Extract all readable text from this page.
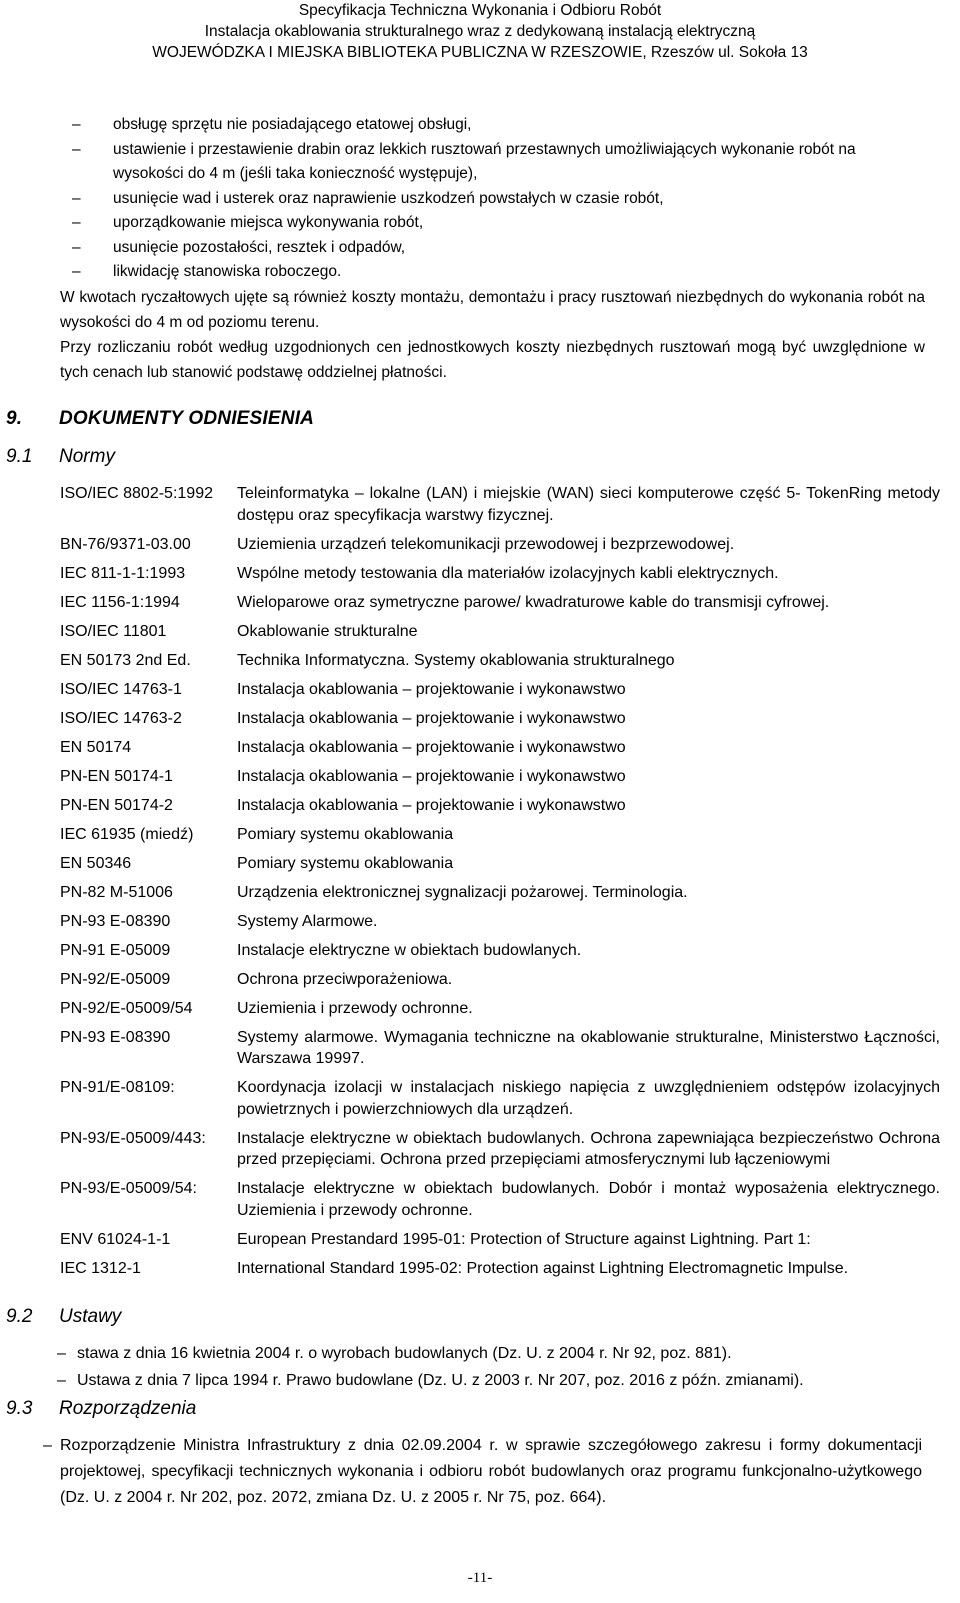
Specyfikacja Techniczna Wykonania i Odbioru Robót
Instalacja okablowania strukturalnego wraz z dedykowaną instalacją elektryczną
WOJEWÓDZKA I MIEJSKA BIBLIOTEKA PUBLICZNA W RZESZOWIE, Rzeszów ul. Sokoła 13

– obsługę sprzętu nie posiadającego etatowej obsługi,

– ustawienie i przestawienie drabin oraz lekkich rusztowań przestawnych umożliwiających wykonanie robót na wysokości do 4 m (jeśli taka konieczność występuje),

– usunięcie wad i usterek oraz naprawienie uszkodzeń powstałych w czasie robót,

– uporządkowanie miejsca wykonywania robót,

– usunięcie pozostałości, resztek i odpadów,

– likwidację stanowiska roboczego.

W kwotach ryczałtowych ujęte są również koszty montażu, demontażu i pracy rusztowań niezbędnych do wykonania robót na wysokości do 4 m od poziomu terenu.

Przy rozliczaniu robót według uzgodnionych cen jednostkowych koszty niezbędnych rusztowań mogą być uwzględnione w tych cenach lub stanowić podstawę oddzielnej płatności.

9. DOKUMENTY ODNIESIENIA
9.1 Normy
ISO/IEC 8802-5:1992	Teleinformatyka – lokalne (LAN) i miejskie (WAN) sieci komputerowe część 5- TokenRing metody dostępu oraz specyfikacja warstwy fizycznej.
BN-76/9371-03.00	Uziemienia urządzeń telekomunikacji przewodowej i bezprzewodowej.
IEC 811-1-1:1993	Wspólne metody testowania dla materiałów izolacyjnych kabli elektrycznych.
IEC 1156-1:1994	Wieloparowe oraz symetryczne parowe/ kwadraturowe kable do transmisji cyfrowej.
ISO/IEC 11801	Okablowanie strukturalne
EN 50173 2nd Ed.	Technika Informatyczna. Systemy okablowania strukturalnego
ISO/IEC 14763-1	Instalacja okablowania – projektowanie i wykonawstwo
ISO/IEC 14763-2	Instalacja okablowania – projektowanie i wykonawstwo
EN 50174	Instalacja okablowania – projektowanie i wykonawstwo
PN-EN 50174-1	Instalacja okablowania – projektowanie i wykonawstwo
PN-EN 50174-2	Instalacja okablowania – projektowanie i wykonawstwo
IEC 61935 (miedź)	Pomiary systemu okablowania
EN 50346	Pomiary systemu okablowania
PN-82 M-51006	Urządzenia elektronicznej sygnalizacji pożarowej. Terminologia.
PN-93 E-08390	Systemy Alarmowe.
PN-91 E-05009	Instalacje elektryczne w obiektach budowlanych.
PN-92/E-05009	Ochrona przeciwporażeniowa.
PN-92/E-05009/54	Uziemienia i przewody ochronne.
PN-93 E-08390	Systemy alarmowe. Wymagania techniczne na okablowanie strukturalne, Ministerstwo Łączności, Warszawa 19997.
PN-91/E-08109:	Koordynacja izolacji w instalacjach niskiego napięcia z uwzględnieniem odstępów izolacyjnych powietrznych i powierzchniowych dla urządzeń.
PN-93/E-05009/443:	Instalacje elektryczne w obiektach budowlanych. Ochrona zapewniająca bezpieczeństwo Ochrona przed przepięciami. Ochrona przed przepięciami atmosferycznymi lub łączeniowymi
PN-93/E-05009/54:	Instalacje elektryczne w obiektach budowlanych. Dobór i montaż wyposażenia elektrycznego. Uziemienia i przewody ochronne.
ENV 61024-1-1	European Prestandard 1995-01: Protection of Structure against Lightning. Part 1:
IEC 1312-1	International Standard 1995-02: Protection against Lightning Electromagnetic Impulse.
9.2 Ustawy

– stawa z dnia 16 kwietnia 2004 r. o wyrobach budowlanych (Dz. U. z 2004 r. Nr 92, poz. 881).

– Ustawa z dnia 7 lipca 1994 r. Prawo budowlane (Dz. U. z 2003 r. Nr 207, poz. 2016 z późn. zmianami).

9.3 Rozporządzenia

– Rozporządzenie Ministra Infrastruktury z dnia 02.09.2004 r. w sprawie szczegółowego zakresu i formy dokumentacji projektowej, specyfikacji technicznych wykonania i odbioru robót budowlanych oraz programu funkcjonalno-użytkowego (Dz. U. z 2004 r. Nr 202, poz. 2072, zmiana Dz. U. z 2005 r. Nr 75, poz. 664).

-11-
